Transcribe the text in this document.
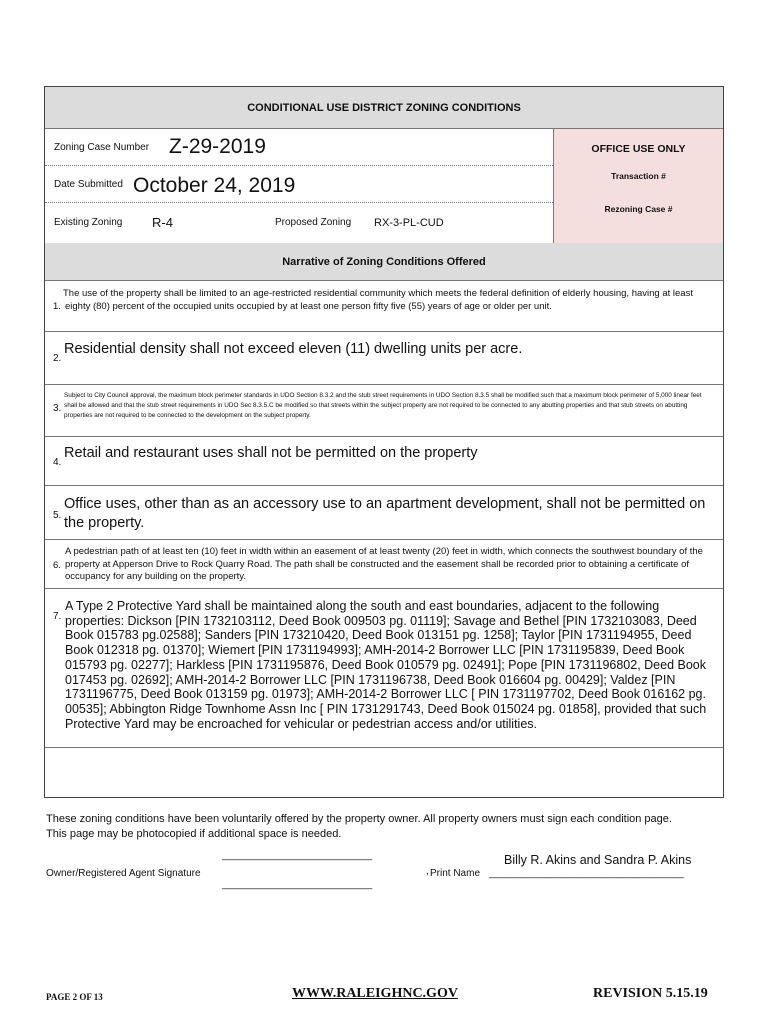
CONDITIONAL USE DISTRICT ZONING CONDITIONS
Zoning Case Number Z-29-2019
Date Submitted October 24, 2019
Existing Zoning R-4	Proposed Zoning RX-3-PL-CUD
OFFICE USE ONLY
Transaction #
Rezoning Case #
Narrative of Zoning Conditions Offered
1.
The use of the property shall be limited to an age-restricted residential community which meets the federal definition of elderly housing, having at least eighty (80) percent of the occupied units occupied by at least one person fifty five (55) years of age or older per unit.
2.
Residential density shall not exceed eleven (11) dwelling units per acre.
3.
Subject to City Council approval, the maximum block perimeter standards in UDO Section 8.3.2 and the stub street requirements in UDO Section 8.3.5 shall be modified such that a maximum block perimeter of 5,000 linear feet shall be allowed and that the stub street requirements in UDO Sec 8.3.5.C be modified so that streets within the subject property are not required to be connected to any abutting properties and that stub streets on abutting properties are not required to be connected to the development on the subject property.
4.
Retail and restaurant uses shall not be permitted on the property
5.
Office uses, other than as an accessory use to an apartment development, shall not be permitted on the property.
6.
A pedestrian path of at least ten (10) feet in width within an easement of at least twenty (20) feet in width, which connects the southwest boundary of the property at Apperson Drive to Rock Quarry Road. The path shall be constructed and the easement shall be recorded prior to obtaining a certificate of occupancy for any building on the property.
7.
A Type 2 Protective Yard shall be maintained along the south and east boundaries, adjacent to the following properties: Dickson [PIN 1732103112, Deed Book 009503 pg. 01119]; Savage and Bethel [PIN 1732103083, Deed Book 015783 pg.02588]; Sanders [PIN 173210420, Deed Book 013151 pg. 1258]; Taylor [PIN 1731194955, Deed Book 012318 pg. 01370]; Wiemert [PIN 1731194993]; AMH-2014-2 Borrower LLC [PIN 1731195839, Deed Book 015793 pg. 02277]; Harkless [PIN 1731195876, Deed Book 010579 pg. 02491]; Pope [PIN 1731196802, Deed Book 017453 pg. 02692]; AMH-2014-2 Borrower LLC [PIN 1731196738, Deed Book 016604 pg. 00429]; Valdez [PIN 1731196775, Deed Book 013159 pg. 01973]; AMH-2014-2 Borrower LLC [ PIN 1731197702, Deed Book 016162 pg. 00535]; Abbington Ridge Townhome Assn Inc [ PIN 1731291743, Deed Book 015024 pg. 01858], provided that such Protective Yard may be encroached for vehicular or pedestrian access and/or utilities.
These zoning conditions have been voluntarily offered by the property owner. All property owners must sign each condition page. This page may be photocopied if additional space is needed.
___________________________
Owner/Registered Agent Signature
___________________________
, Print Name ___________________________________
Billy R. Akins and Sandra P. Akins
PAGE 2 OF 13	WWW.RALEIGHNC.GOV	REVISION 5.15.19
